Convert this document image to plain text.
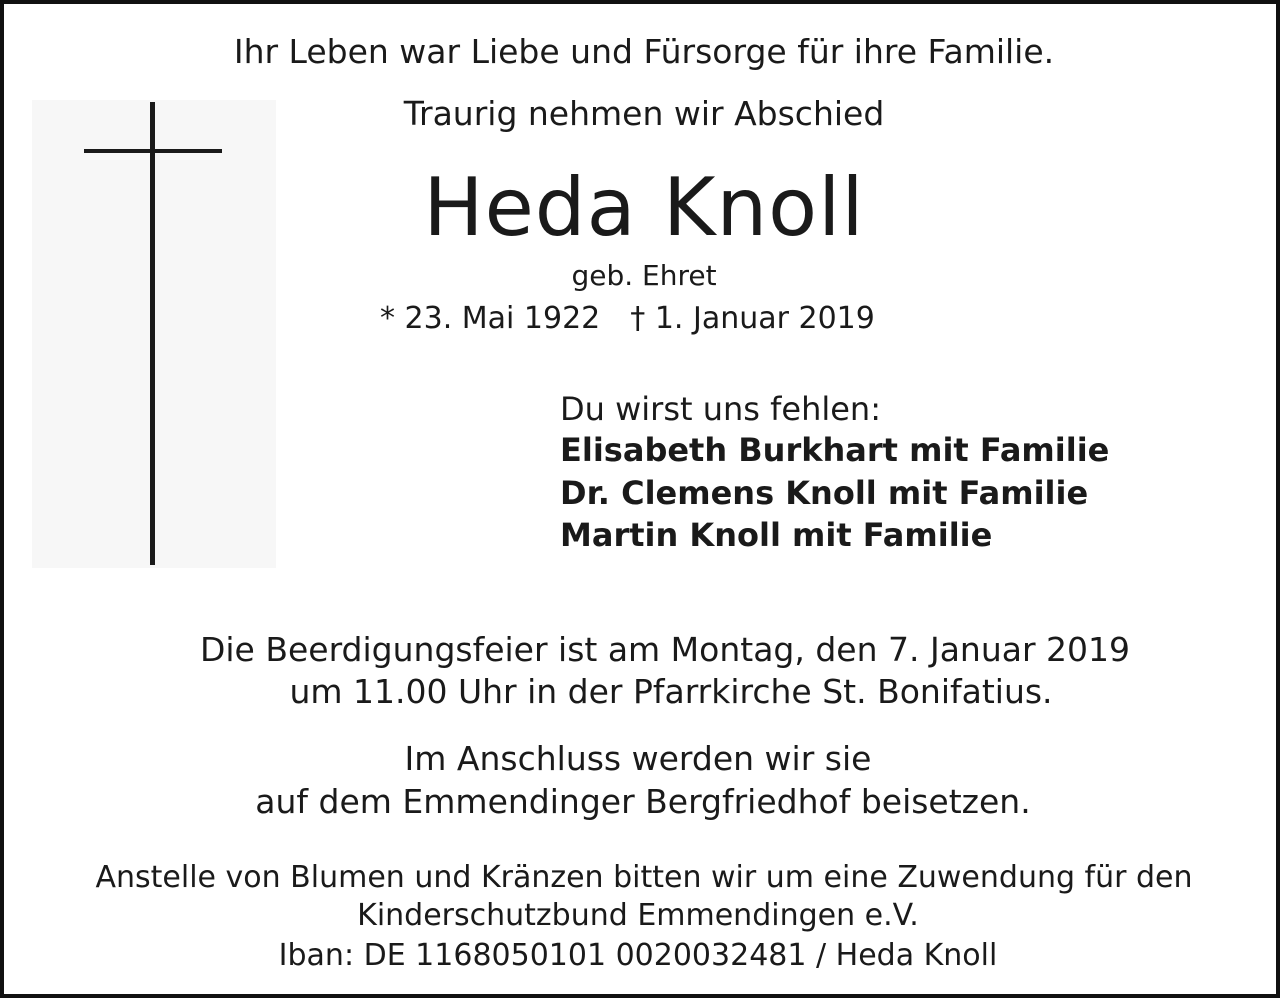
Ihr Leben war Liebe und Fürsorge für ihre Familie.
Traurig nehmen wir Abschied
Heda Knoll
geb. Ehret
* 23. Mai 1922 † 1. Januar 2019
Du wirst uns fehlen:
Elisabeth Burkhart mit Familie
Dr. Clemens Knoll mit Familie
Martin Knoll mit Familie
Die Beerdigungsfeier ist am Montag, den 7. Januar 2019
um 11.00 Uhr in der Pfarrkirche St. Bonifatius.
Im Anschluss werden wir sie
auf dem Emmendinger Bergfriedhof beisetzen.
Anstelle von Blumen und Kränzen bitten wir um eine Zuwendung für den
Kinderschutzbund Emmendingen e.V.
Iban: DE 1168050101 0020032481 / Heda Knoll
